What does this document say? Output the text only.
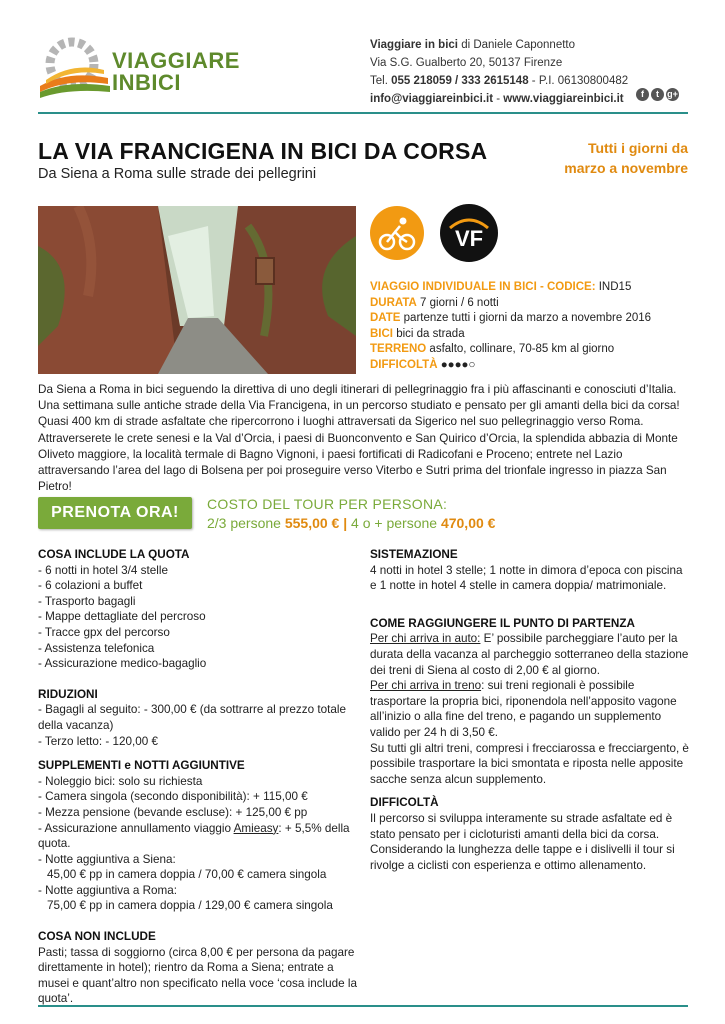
VIAGGIARE
INBICI
Viaggiare in bici di Daniele Caponnetto
Via S.G. Gualberto 20, 50137 Firenze
Tel. 055 218059 / 333 2615148 - P.I. 06130800482
info@viaggiareinbici.it - www.viaggiareinbici.it	f t g+
LA VIA FRANCIGENA IN BICI DA CORSA
Da Siena a Roma sulle strade dei pellegrini
Tutti i giorni da
marzo a novembre
VF
VIAGGIO INDIVIDUALE IN BICI - CODICE: IND15
DURATA 7 giorni / 6 notti
DATE partenze tutti i giorni da marzo a novembre 2016
BICI bici da strada
TERRENO asfalto, collinare, 70-85 km al giorno
DIFFICOLTÀ ●●●●○
Da Siena a Roma in bici seguendo la direttiva di uno degli itinerari di pellegrinaggio fra i più affascinanti e conosciuti d’Italia. Una settimana sulle antiche strade della Via Francigena, in un percorso studiato e pensato per gli amanti della bici da corsa! Quasi 400 km di strade asfaltate che ripercorrono i luoghi attraversati da Sigerico nel suo pellegrinaggio verso Roma. Attraverserete le crete senesi e la Val d’Orcia, i paesi di Buonconvento e San Quirico d’Orcia, la splendida abbazia di Monte Oliveto maggiore, la località termale di Bagno Vignoni, i paesi fortificati di Radicofani e Proceno; entrete nel Lazio attraversando l’area del lago di Bolsena per poi proseguire verso Viterbo e Sutri prima del trionfale ingresso in piazza San Pietro!
PRENOTA ORA!	COSTO DEL TOUR PER PERSONA:
2/3 persone 555,00 € | 4 o + persone 470,00 €
COSA INCLUDE LA QUOTA

- 6 notti in hotel 3/4 stelle

- 6 colazioni a buffet

- Trasporto bagagli

- Mappe dettagliate del percroso

- Tracce gpx del percorso

- Assistenza telefonica

- Assicurazione medico-bagaglio

RIDUZIONI

- Bagagli al seguito: - 300,00 € (da sottrarre al prezzo totale della vacanza)

- Terzo letto: - 120,00 €

SUPPLEMENTI e NOTTI AGGIUNTIVE

- Noleggio bici: solo su richiesta

- Camera singola (secondo disponibilità): + 115,00 €

- Mezza pensione (bevande escluse): + 125,00 € pp

- Assicurazione annullamento viaggio Amieasy: + 5,5% della quota.

- Notte aggiuntiva a Siena:

45,00 € pp in camera doppia / 70,00 € camera singola

- Notte aggiuntiva a Roma:

75,00 € pp in camera doppia / 129,00 € camera singola

COSA NON INCLUDE

Pasti; tassa di soggiorno (circa 8,00 € per persona da pagare direttamente in hotel); rientro da Roma a Siena; entrate a musei e quant’altro non specificato nella voce ‘cosa include la quota’.

SISTEMAZIONE

4 notti in hotel 3 stelle; 1 notte in dimora d’epoca con piscina e 1 notte in hotel 4 stelle in camera doppia/ matrimoniale.

COME RAGGIUNGERE IL PUNTO DI PARTENZA

Per chi arriva in auto: E’ possibile parcheggiare l’auto per la durata della vacanza al parcheggio sotterraneo della stazione dei treni di Siena al costo di 2,00 € al giorno.

Per chi arriva in treno: sui treni regionali è possibile trasportare la propria bici, riponendola nell’apposito vagone all’inizio o alla fine del treno, e pagando un supplemento valido per 24 h di 3,50 €.

Su tutti gli altri treni, compresi i frecciarossa e frecciargento, è possibile trasportare la bici smontata e riposta nelle apposite sacche senza alcun supplemento.

DIFFICOLTÀ

Il percorso si sviluppa interamente su strade asfaltate ed è stato pensato per i cicloturisti amanti della bici da corsa. Considerando la lunghezza delle tappe e i dislivelli il tour si rivolge a ciclisti con esperienza e ottimo allenamento.
